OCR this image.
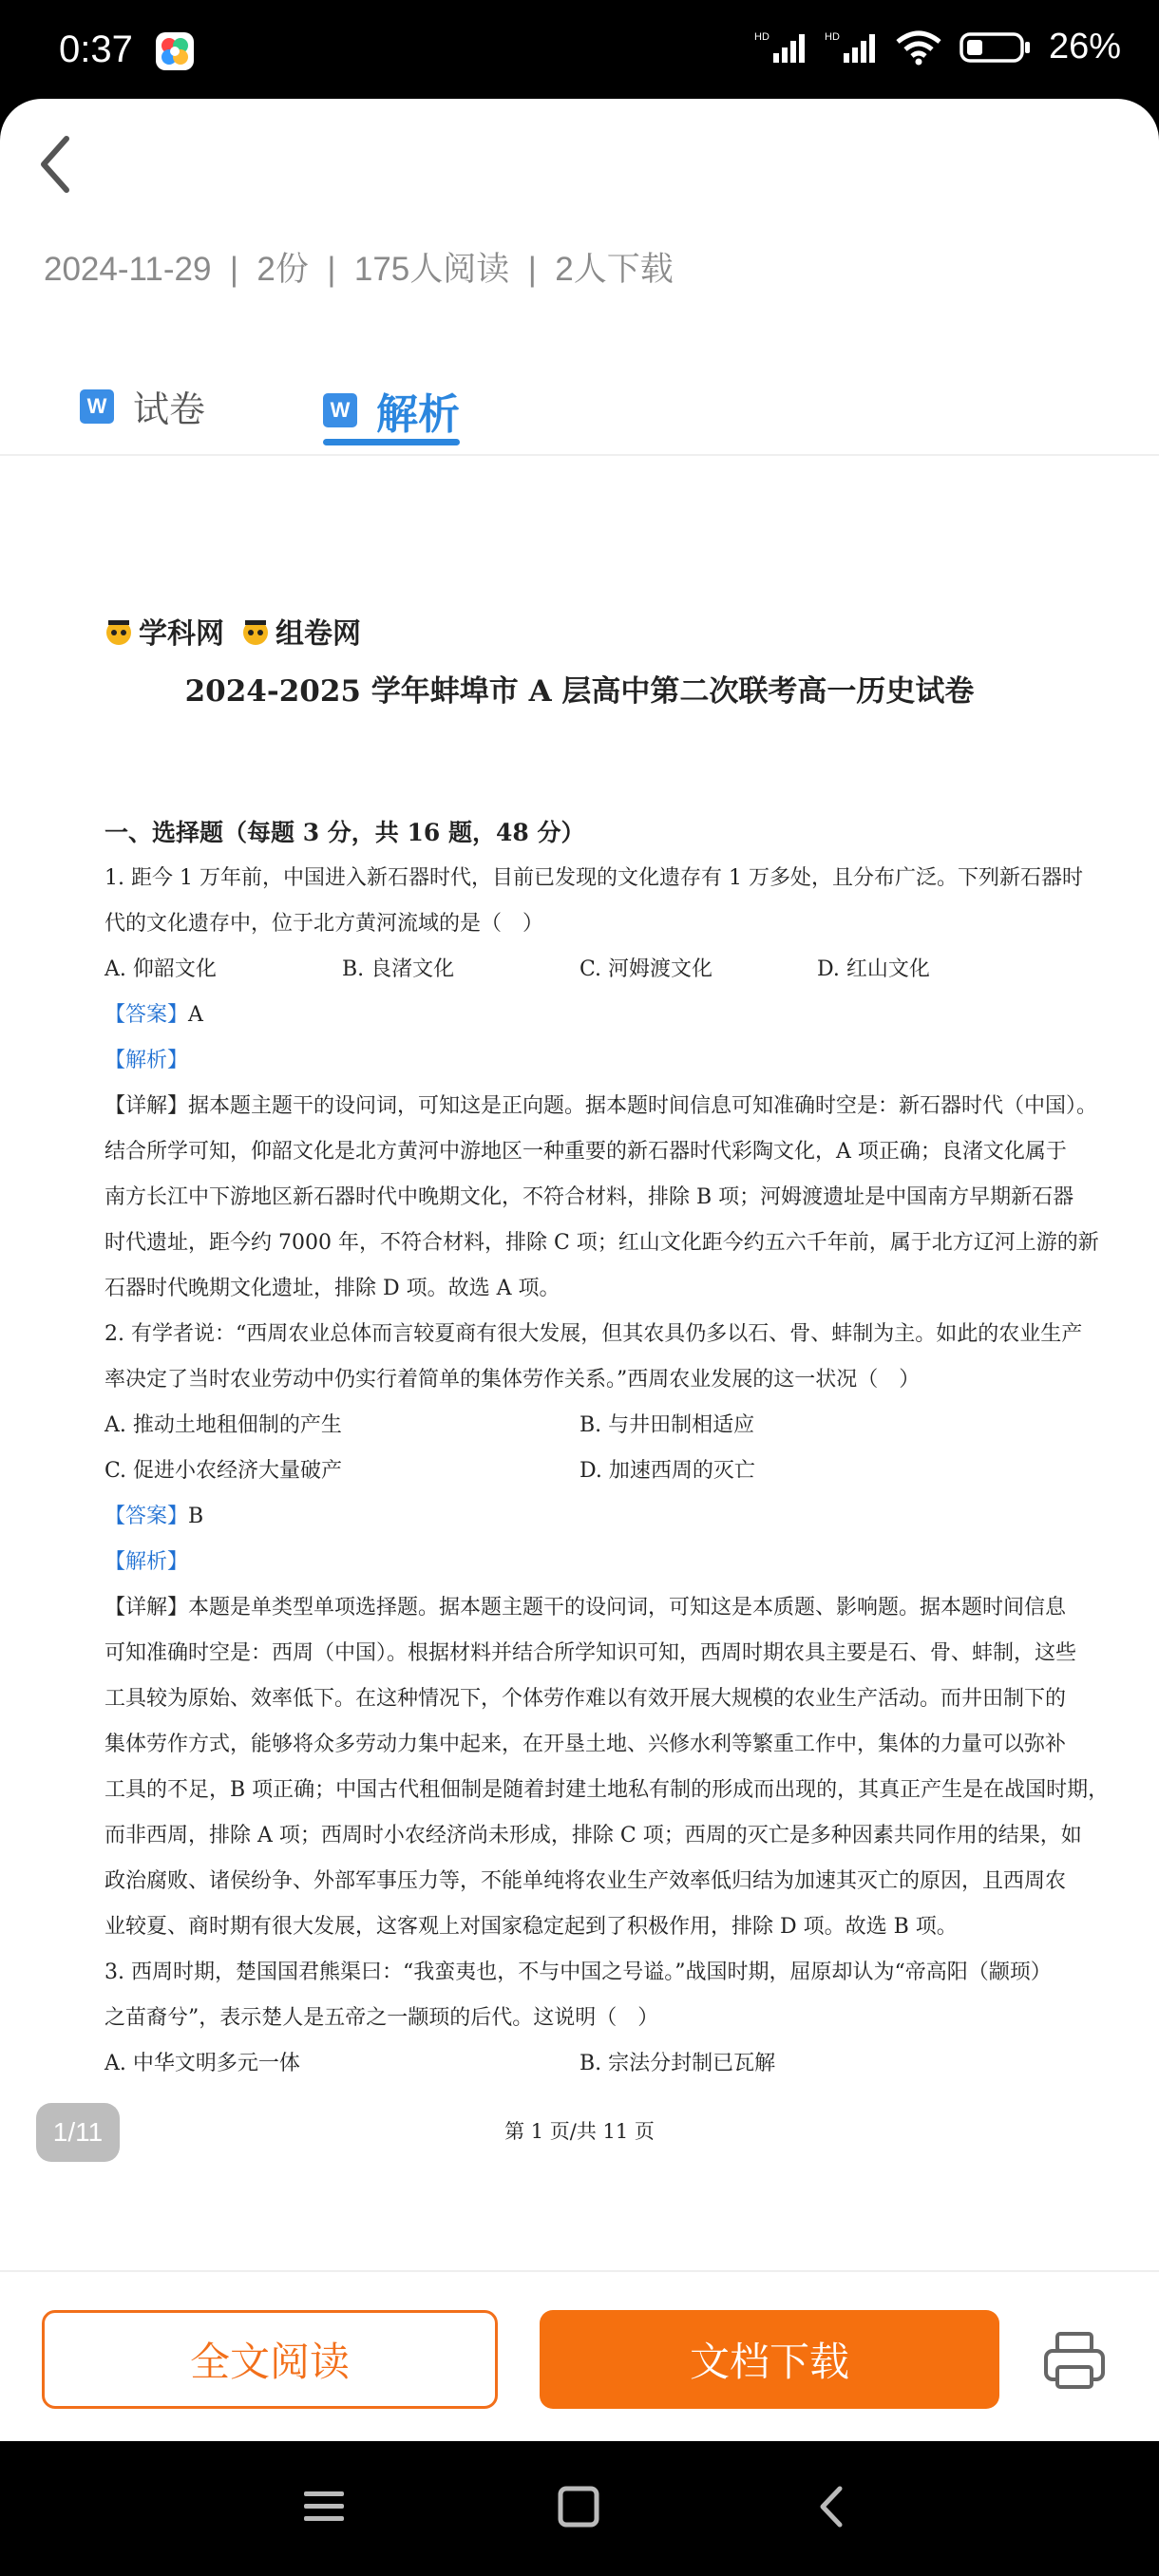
0:37	HD	HD	26%
2024-11-29  |  2份  |  175人阅读  |  2人下载
W 试卷	W 解析
学科网 组卷网
2024-2025 学年蚌埠市 A 层高中第二次联考高一历史试卷
一、选择题（每题 3 分，共 16 题，48 分）
1. 距今 1 万年前，中国进入新石器时代，目前已发现的文化遗存有 1 万多处，且分布广泛。下列新石器时
代的文化遗存中，位于北方黄河流域的是（　）
A. 仰韶文化	B. 良渚文化	C. 河姆渡文化	D. 红山文化
【答案】A
【解析】
【详解】据本题主题干的设问词，可知这是正向题。据本题时间信息可知准确时空是：新石器时代（中国）。
结合所学可知，仰韶文化是北方黄河中游地区一种重要的新石器时代彩陶文化，A 项正确；良渚文化属于
南方长江中下游地区新石器时代中晚期文化，不符合材料，排除 B 项；河姆渡遗址是中国南方早期新石器
时代遗址，距今约 7000 年，不符合材料，排除 C 项；红山文化距今约五六千年前，属于北方辽河上游的新
石器时代晚期文化遗址，排除 D 项。故选 A 项。
2. 有学者说：“西周农业总体而言较夏商有很大发展，但其农具仍多以石、骨、蚌制为主。如此的农业生产
率决定了当时农业劳动中仍实行着简单的集体劳作关系。”西周农业发展的这一状况（　）
A. 推动土地租佃制的产生	B. 与井田制相适应
C. 促进小农经济大量破产	D. 加速西周的灭亡
【答案】B
【解析】
【详解】本题是单类型单项选择题。据本题主题干的设问词，可知这是本质题、影响题。据本题时间信息
可知准确时空是：西周（中国）。根据材料并结合所学知识可知，西周时期农具主要是石、骨、蚌制，这些
工具较为原始、效率低下。在这种情况下，个体劳作难以有效开展大规模的农业生产活动。而井田制下的
集体劳作方式，能够将众多劳动力集中起来，在开垦土地、兴修水利等繁重工作中，集体的力量可以弥补
工具的不足，B 项正确；中国古代租佃制是随着封建土地私有制的形成而出现的，其真正产生是在战国时期，
而非西周，排除 A 项；西周时小农经济尚未形成，排除 C 项；西周的灭亡是多种因素共同作用的结果，如
政治腐败、诸侯纷争、外部军事压力等，不能单纯将农业生产效率低归结为加速其灭亡的原因，且西周农
业较夏、商时期有很大发展，这客观上对国家稳定起到了积极作用，排除 D 项。故选 B 项。
3. 西周时期，楚国国君熊渠曰：“我蛮夷也，不与中国之号谥。”战国时期，屈原却认为“帝高阳（颛顼）
之苗裔兮”，表示楚人是五帝之一颛顼的后代。这说明（　）
A. 中华文明多元一体	B. 宗法分封制已瓦解
第 1 页/共 11 页
1/11
全文阅读	文档下载
